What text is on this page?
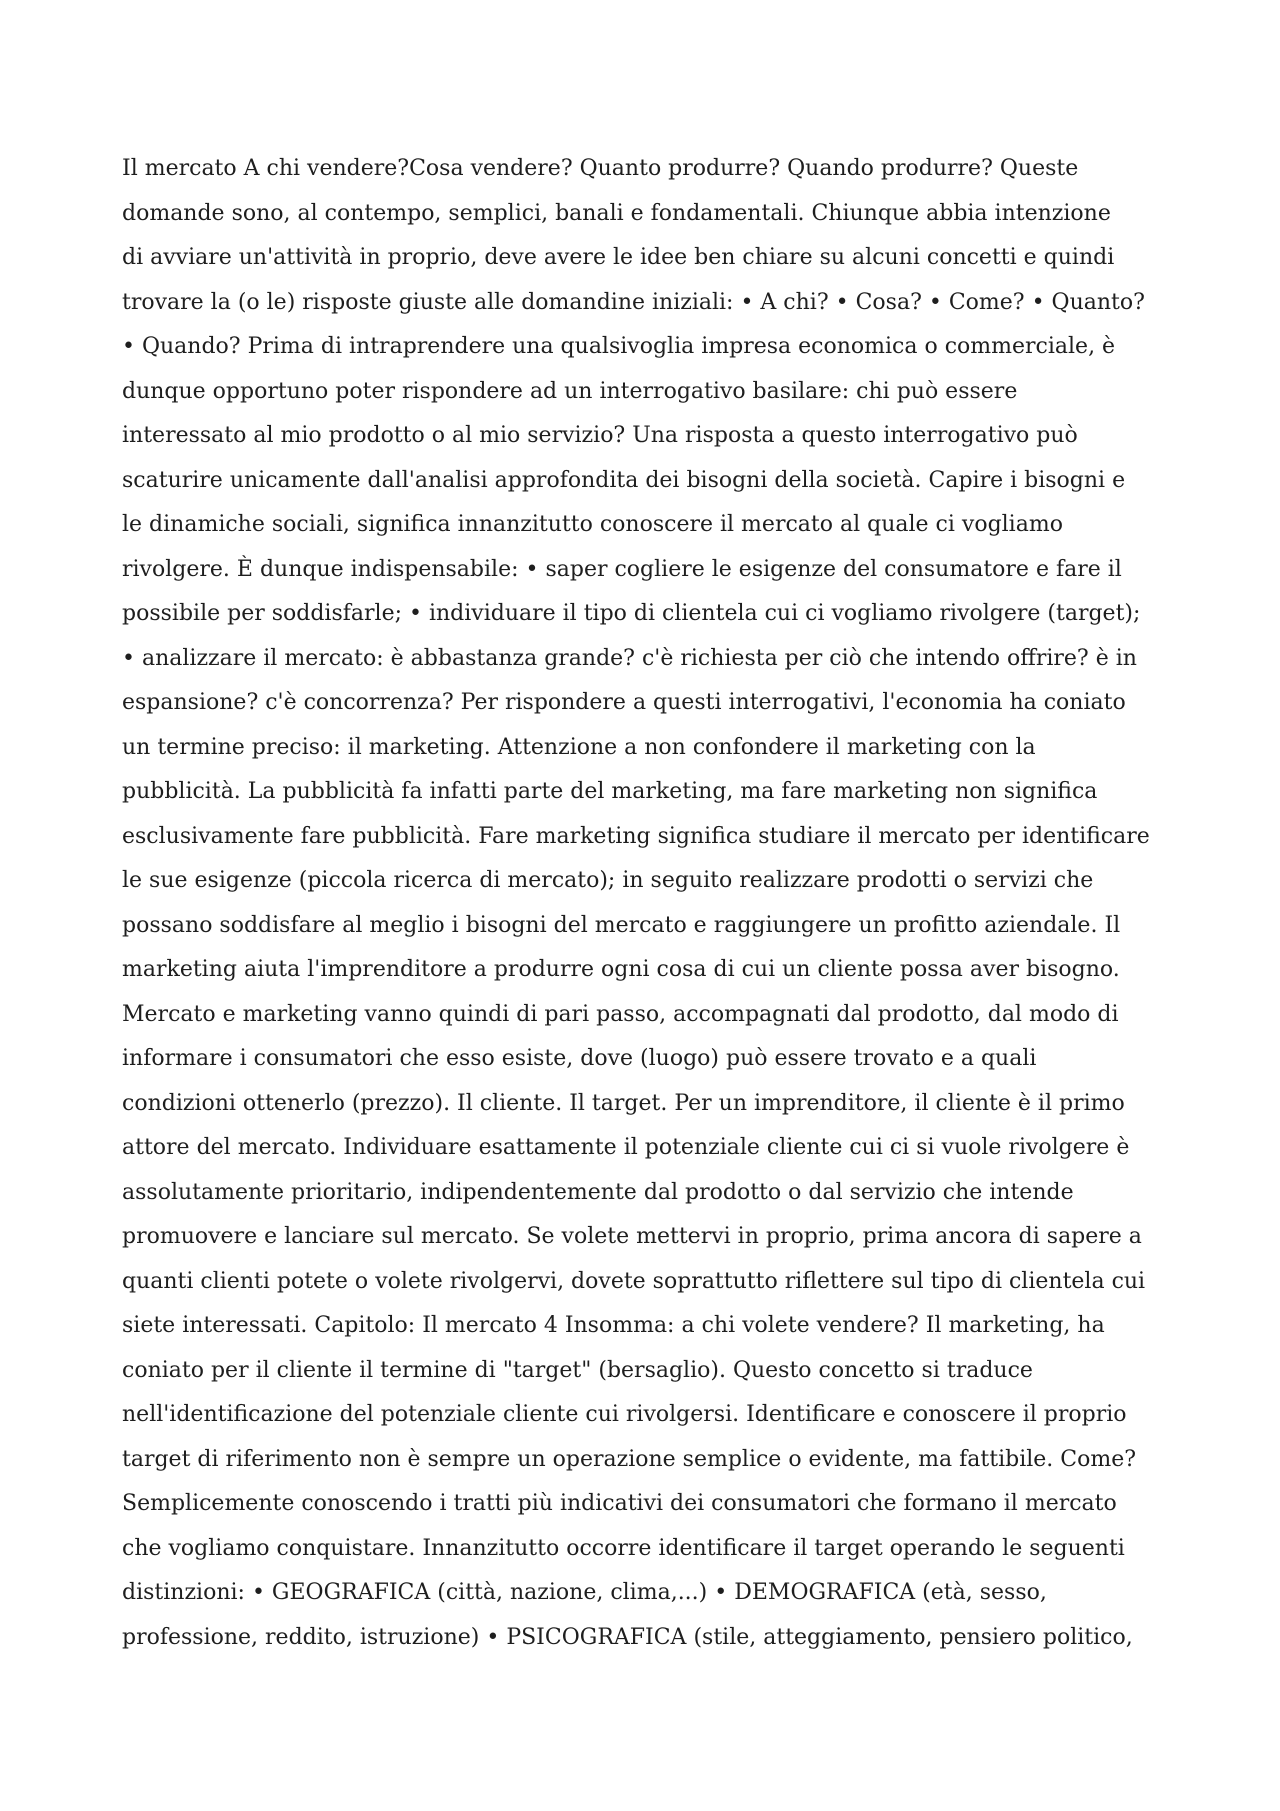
Il mercato A chi vendere?Cosa vendere? Quanto produrre? Quando produrre? Queste
domande sono, al contempo, semplici, banali e fondamentali. Chiunque abbia intenzione
di avviare un'attività in proprio, deve avere le idee ben chiare su alcuni concetti e quindi
trovare la (o le) risposte giuste alle domandine iniziali: • A chi? • Cosa? • Come? • Quanto?
• Quando? Prima di intraprendere una qualsivoglia impresa economica o commerciale, è
dunque opportuno poter rispondere ad un interrogativo basilare: chi può essere
interessato al mio prodotto o al mio servizio? Una risposta a questo interrogativo può
scaturire unicamente dall'analisi approfondita dei bisogni della società. Capire i bisogni e
le dinamiche sociali, significa innanzitutto conoscere il mercato al quale ci vogliamo
rivolgere. È dunque indispensabile: • saper cogliere le esigenze del consumatore e fare il
possibile per soddisfarle; • individuare il tipo di clientela cui ci vogliamo rivolgere (target);
• analizzare il mercato: è abbastanza grande? c'è richiesta per ciò che intendo offrire? è in
espansione? c'è concorrenza? Per rispondere a questi interrogativi, l'economia ha coniato
un termine preciso: il marketing. Attenzione a non confondere il marketing con la
pubblicità. La pubblicità fa infatti parte del marketing, ma fare marketing non significa
esclusivamente fare pubblicità. Fare marketing significa studiare il mercato per identificare
le sue esigenze (piccola ricerca di mercato); in seguito realizzare prodotti o servizi che
possano soddisfare al meglio i bisogni del mercato e raggiungere un profitto aziendale. Il
marketing aiuta l'imprenditore a produrre ogni cosa di cui un cliente possa aver bisogno.
Mercato e marketing vanno quindi di pari passo, accompagnati dal prodotto, dal modo di
informare i consumatori che esso esiste, dove (luogo) può essere trovato e a quali
condizioni ottenerlo (prezzo). Il cliente. Il target. Per un imprenditore, il cliente è il primo
attore del mercato. Individuare esattamente il potenziale cliente cui ci si vuole rivolgere è
assolutamente prioritario, indipendentemente dal prodotto o dal servizio che intende
promuovere e lanciare sul mercato. Se volete mettervi in proprio, prima ancora di sapere a
quanti clienti potete o volete rivolgervi, dovete soprattutto riflettere sul tipo di clientela cui
siete interessati. Capitolo: Il mercato 4 Insomma: a chi volete vendere? Il marketing, ha
coniato per il cliente il termine di "target" (bersaglio). Questo concetto si traduce
nell'identificazione del potenziale cliente cui rivolgersi. Identificare e conoscere il proprio
target di riferimento non è sempre un operazione semplice o evidente, ma fattibile. Come?
Semplicemente conoscendo i tratti più indicativi dei consumatori che formano il mercato
che vogliamo conquistare. Innanzitutto occorre identificare il target operando le seguenti
distinzioni: • GEOGRAFICA (città, nazione, clima,...) • DEMOGRAFICA (età, sesso,
professione, reddito, istruzione) • PSICOGRAFICA (stile, atteggiamento, pensiero politico,
